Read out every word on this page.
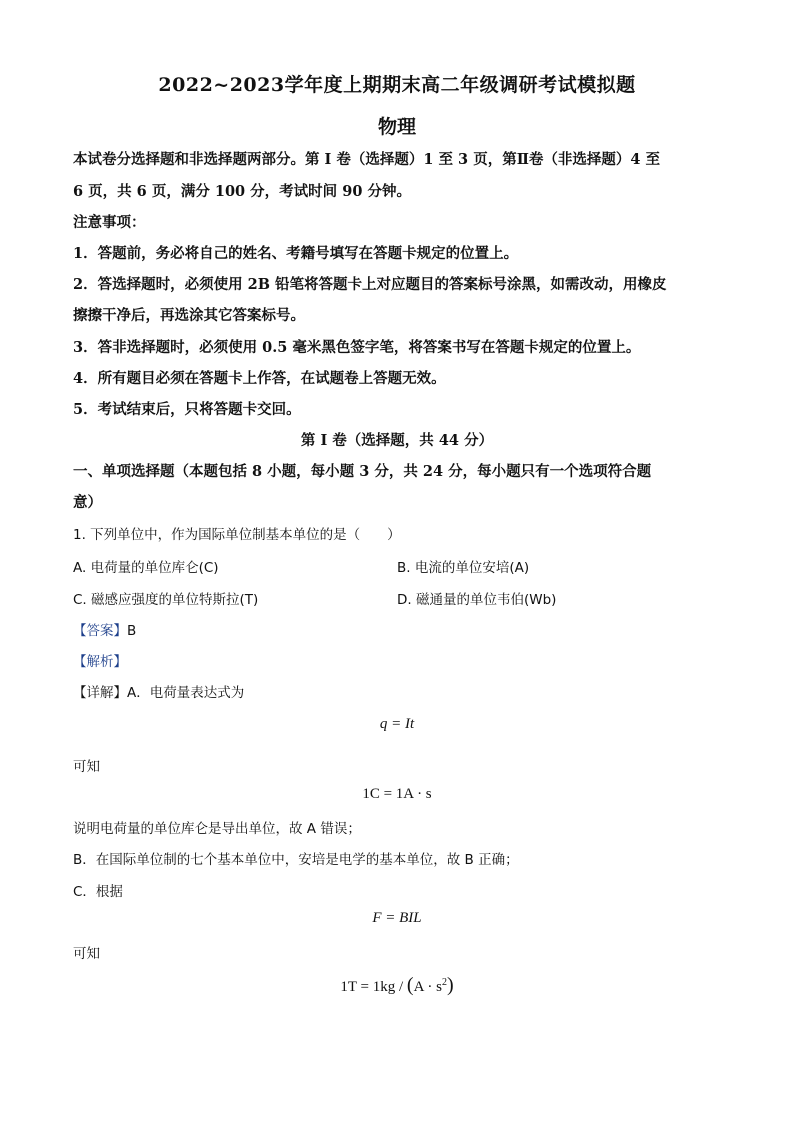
2022~2023学年度上期期末高二年级调研考试模拟题
物理
本试卷分选择题和非选择题两部分。第 I 卷（选择题）1 至 3 页，第Ⅱ卷（非选择题）4 至
6 页，共 6 页，满分 100 分，考试时间 90 分钟。
注意事项：
1．答题前，务必将自己的姓名、考籍号填写在答题卡规定的位置上。
2．答选择题时，必须使用 2B 铅笔将答题卡上对应题目的答案标号涂黑，如需改动，用橡皮
擦擦干净后，再选涂其它答案标号。
3．答非选择题时，必须使用 0.5 毫米黑色签字笔，将答案书写在答题卡规定的位置上。
4．所有题目必须在答题卡上作答，在试题卷上答题无效。
5．考试结束后，只将答题卡交回。
第 I 卷（选择题，共 44 分）
一、单项选择题（本题包括 8 小题，每小题 3 分，共 24 分，每小题只有一个选项符合题
意）
1. 下列单位中，作为国际单位制基本单位的是（　　）
A. 电荷量的单位库仑(C)	B. 电流的单位安培(A)
C. 磁感应强度的单位特斯拉(T)	D. 磁通量的单位韦伯(Wb)
【答案】B
【解析】
【详解】A．电荷量表达式为
q = It
可知
1C = 1A · s
说明电荷量的单位库仑是导出单位，故 A 错误；
B．在国际单位制的七个基本单位中，安培是电学的基本单位，故 B 正确；
C．根据
F = BIL
可知
$1T = 1kg / (A \cdot s^2)$
